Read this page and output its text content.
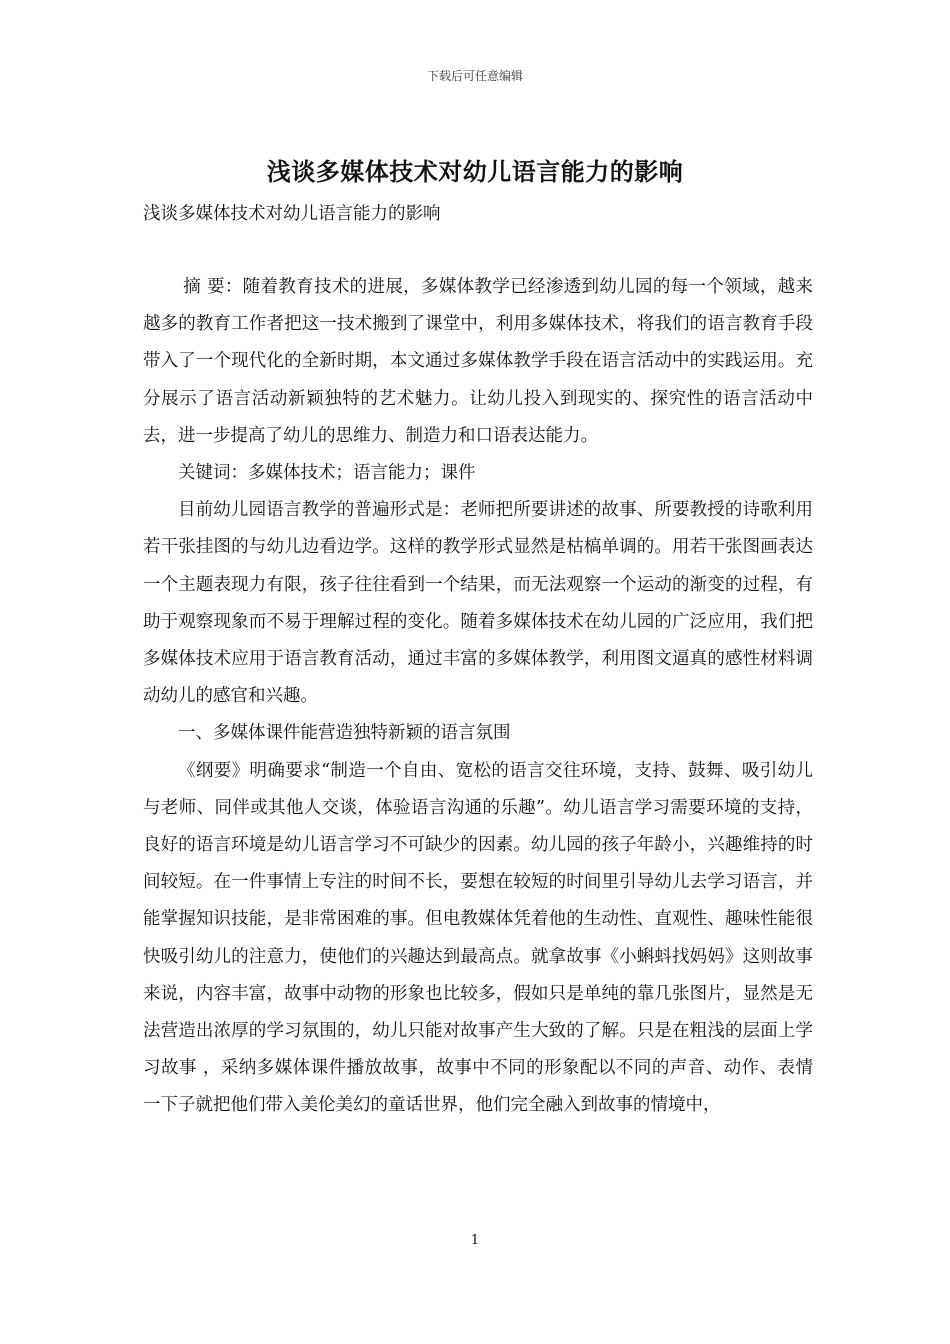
下载后可任意编辑
浅谈多媒体技术对幼儿语言能力的影响
浅谈多媒体技术对幼儿语言能力的影响

摘 要：随着教育技术的进展，多媒体教学已经渗透到幼儿园的每一个领域，越来越多的教育工作者把这一技术搬到了课堂中，利用多媒体技术，将我们的语言教育手段带入了一个现代化的全新时期，本文通过多媒体教学手段在语言活动中的实践运用。充分展示了语言活动新颖独特的艺术魅力。让幼儿投入到现实的、探究性的语言活动中去，进一步提高了幼儿的思维力、制造力和口语表达能力。

关键词：多媒体技术；语言能力；课件

目前幼儿园语言教学的普遍形式是：老师把所要讲述的故事、所要教授的诗歌利用若干张挂图的与幼儿边看边学。这样的教学形式显然是枯槁单调的。用若干张图画表达一个主题表现力有限，孩子往往看到一个结果，而无法观察一个运动的渐变的过程，有助于观察现象而不易于理解过程的变化。随着多媒体技术在幼儿园的广泛应用，我们把多媒体技术应用于语言教育活动，通过丰富的多媒体教学，利用图文逼真的感性材料调动幼儿的感官和兴趣。

一、多媒体课件能营造独特新颖的语言氛围

《纲要》明确要求“制造一个自由、宽松的语言交往环境，支持、鼓舞、吸引幼儿与老师、同伴或其他人交谈，体验语言沟通的乐趣”。幼儿语言学习需要环境的支持，良好的语言环境是幼儿语言学习不可缺少的因素。幼儿园的孩子年龄小，兴趣维持的时间较短。在一件事情上专注的时间不长，要想在较短的时间里引导幼儿去学习语言，并能掌握知识技能，是非常困难的事。但电教媒体凭着他的生动性、直观性、趣味性能很快吸引幼儿的注意力，使他们的兴趣达到最高点。就拿故事《小蝌蚪找妈妈》这则故事来说，内容丰富，故事中动物的形象也比较多，假如只是单纯的靠几张图片，显然是无法营造出浓厚的学习氛围的，幼儿只能对故事产生大致的了解。只是在粗浅的层面上学习故事 ，采纳多媒体课件播放故事，故事中不同的形象配以不同的声音、动作、表情一下子就把他们带入美伦美幻的童话世界，他们完全融入到故事的情境中，

1
